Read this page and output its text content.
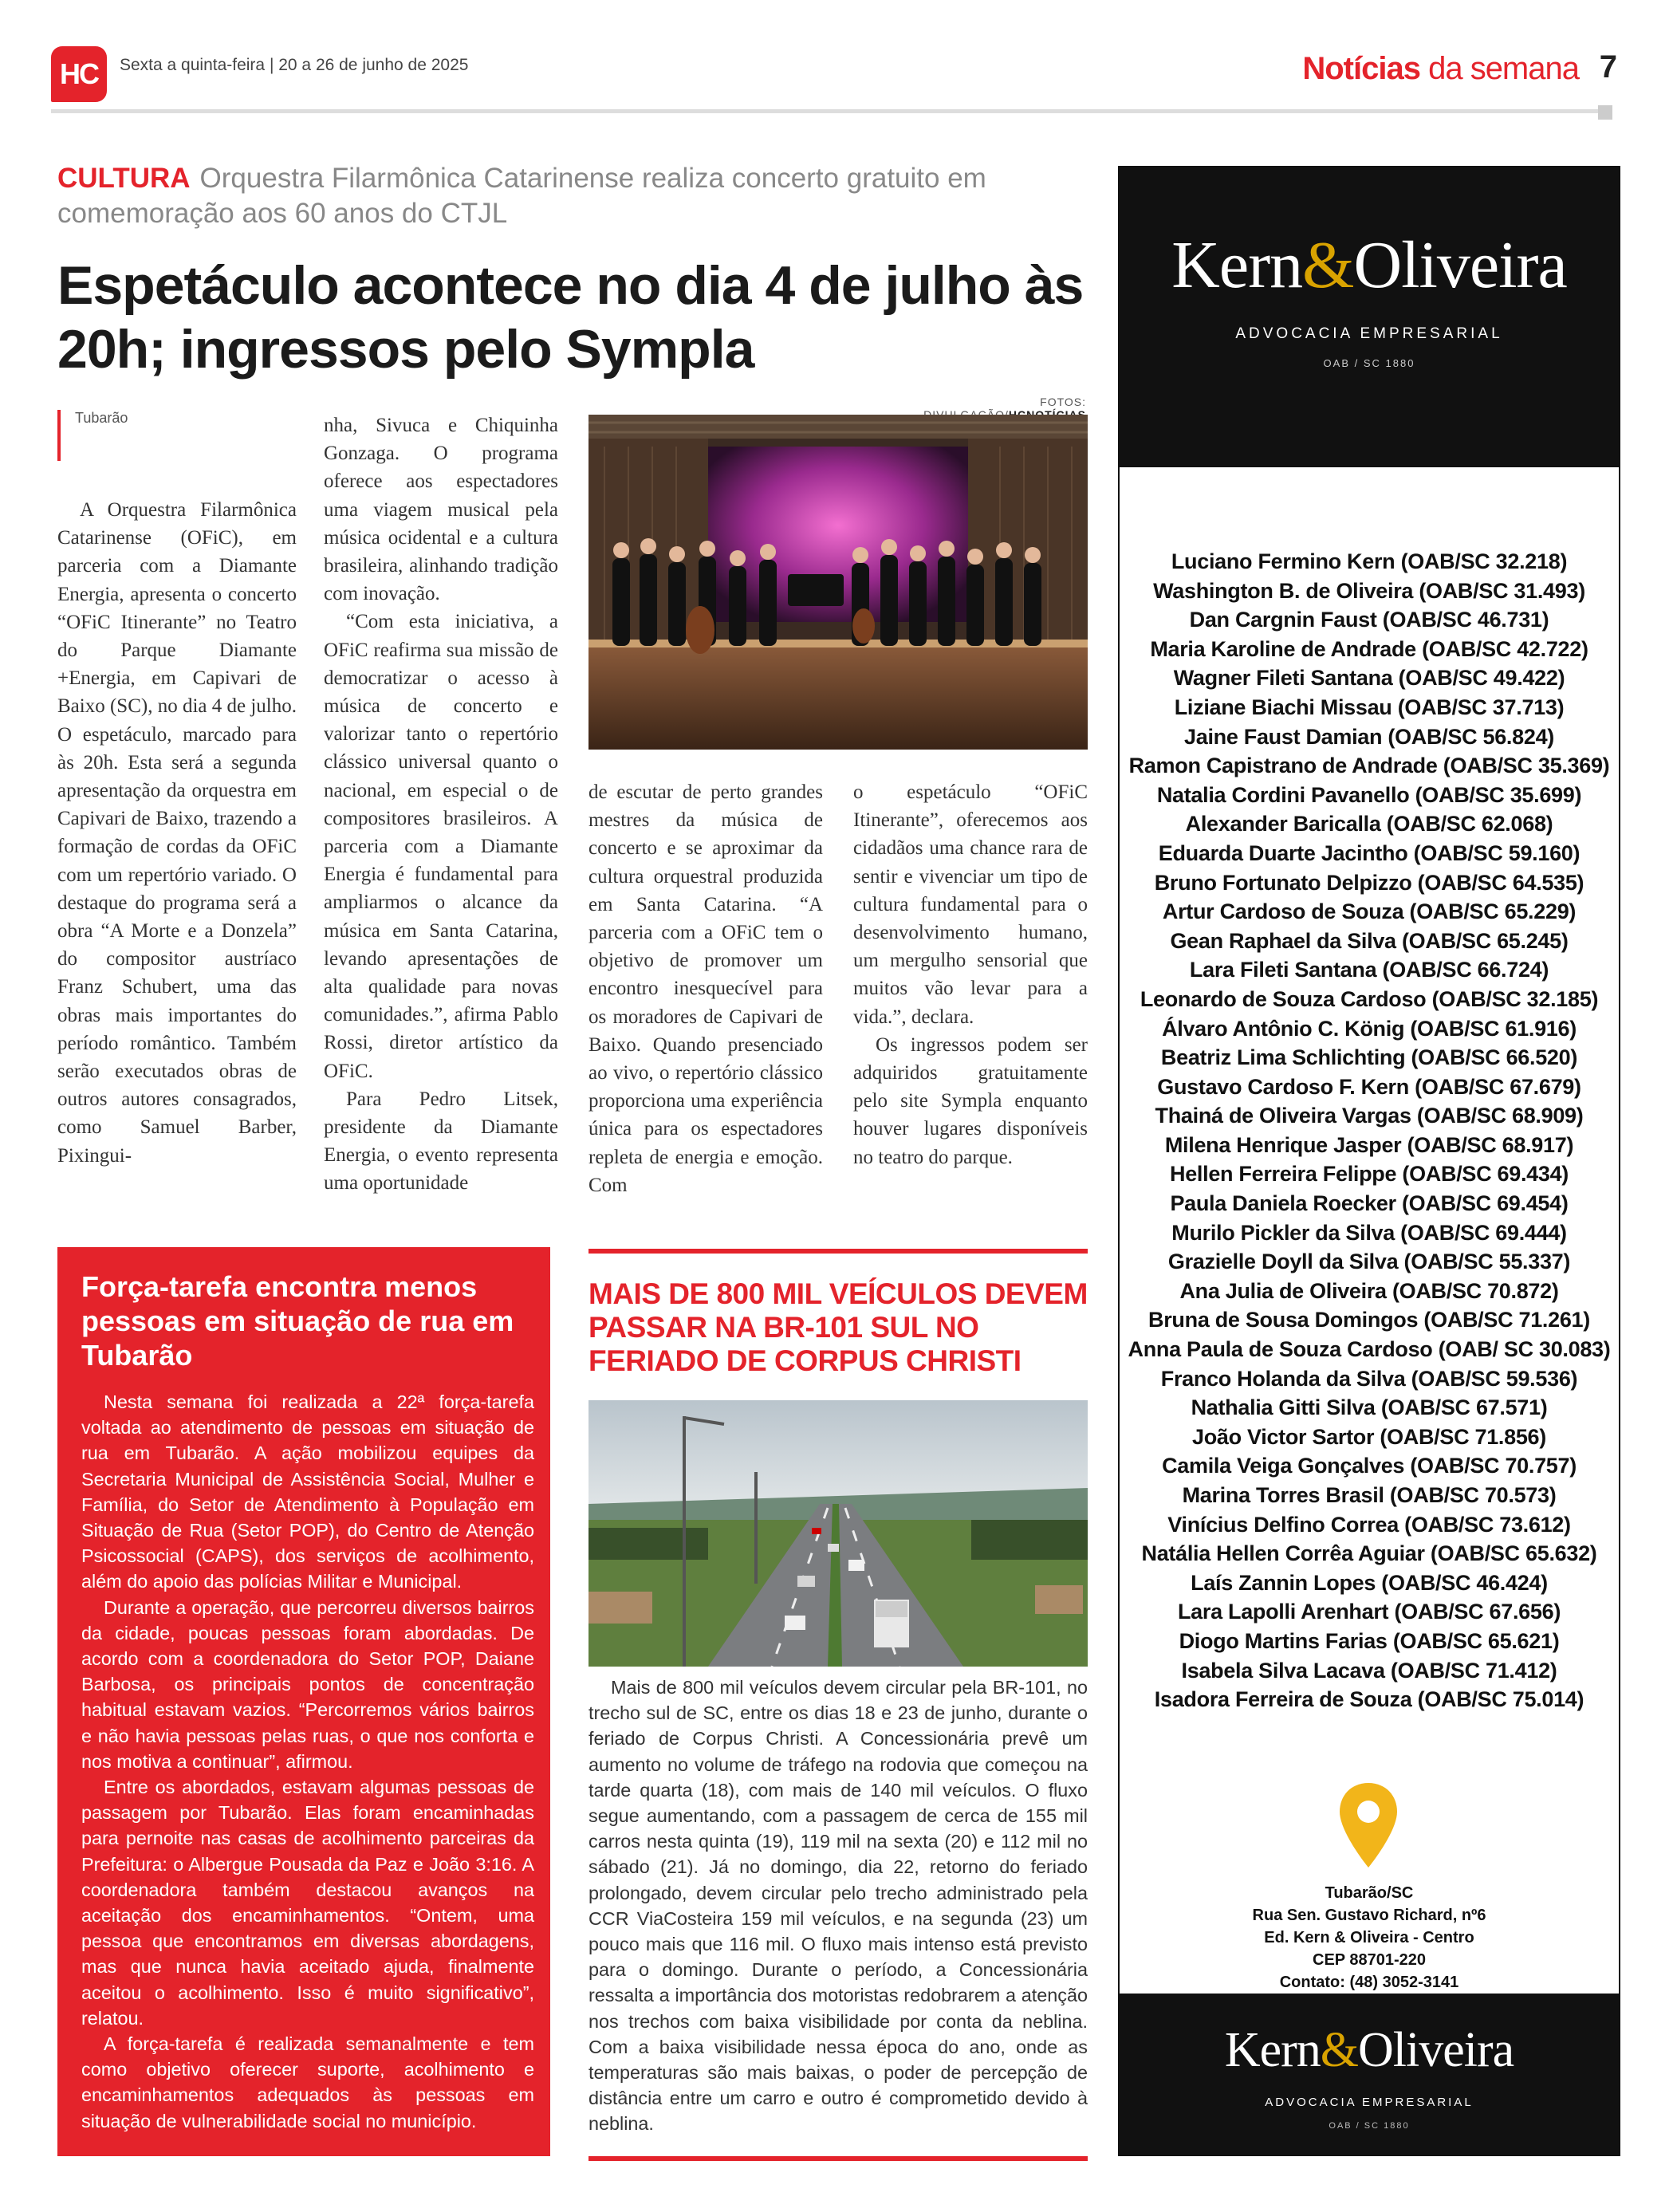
HC	Sexta a quinta-feira | 20 a 26 de junho de 2025	Notícias da semana 7
CULTURA Orquestra Filarmônica Catarinense realiza concerto gratuito em comemoração aos 60 anos do CTJL
Espetáculo acontece no dia 4 de julho às 20h; ingressos pelo Sympla
FOTOS:
Tubarão

A Orquestra Filarmônica Catarinense (OFiC), em parceria com a Diamante Energia, apresenta o concerto “OFiC Itinerante” no Teatro do Parque Diamante +Energia, em Capivari de Baixo (SC), no dia 4 de julho. O espetáculo, marcado para às 20h. Esta será a segunda apresentação da orquestra em Capivari de Baixo, trazendo a formação de cordas da OFiC com um repertório variado. O destaque do programa será a obra “A Morte e a Donzela” do compositor austríaco Franz Schubert, uma das obras mais importantes do período romântico. Também serão executados obras de outros autores consagrados, como Samuel Barber, Pixingui-

nha, Sivuca e Chiquinha Gonzaga. O programa oferece aos espectadores uma viagem musical pela música ocidental e a cultura brasileira, alinhando tradição com inovação.

“Com esta iniciativa, a OFiC reafirma sua missão de democratizar o acesso à música de concerto e valorizar tanto o repertório clássico universal quanto o nacional, em especial o de compositores brasileiros. A parceria com a Diamante Energia é fundamental para ampliarmos o alcance da música em Santa Catarina, levando apresentações de alta qualidade para novas comunidades.”, afirma Pablo Rossi, diretor artístico da OFiC.

Para Pedro Litsek, presidente da Diamante Energia, o evento representa uma oportunidade

de escutar de perto grandes mestres da música de concerto e se aproximar da cultura orquestral produzida em Santa Catarina. “A parceria com a OFiC tem o objetivo de promover um encontro inesquecível para os moradores de Capivari de Baixo. Quando presenciado ao vivo, o repertório clássico proporciona uma experiência única para os espectadores repleta de energia e emoção. Com

o espetáculo “OFiC Itinerante”, oferecemos aos cidadãos uma chance rara de sentir e vivenciar um tipo de cultura fundamental para o desenvolvimento humano, um mergulho sensorial que muitos vão levar para a vida.”, declara.

Os ingressos podem ser adquiridos gratuitamente pelo site Sympla enquanto houver lugares disponíveis no teatro do parque.

Força-tarefa encontra menos pessoas em situação de rua em Tubarão

Nesta semana foi realizada a 22ª força-tarefa voltada ao atendimento de pessoas em situação de rua em Tubarão. A ação mobilizou equipes da Secretaria Municipal de Assistência Social, Mulher e Família, do Setor de Atendimento à População em Situação de Rua (Setor POP), do Centro de Atenção Psicossocial (CAPS), dos serviços de acolhimento, além do apoio das polícias Militar e Municipal.

Durante a operação, que percorreu diversos bairros da cidade, poucas pessoas foram abordadas. De acordo com a coordenadora do Setor POP, Daiane Barbosa, os principais pontos de concentração habitual estavam vazios. “Percorremos vários bairros e não havia pessoas pelas ruas, o que nos conforta e nos motiva a continuar”, afirmou.

Entre os abordados, estavam algumas pessoas de passagem por Tubarão. Elas foram encaminhadas para pernoite nas casas de acolhimento parceiras da Prefeitura: o Albergue Pousada da Paz e João 3:16. A coordenadora também destacou avanços na aceitação dos encaminhamentos. “Ontem, uma pessoa que encontramos em diversas abordagens, mas que nunca havia aceitado ajuda, finalmente aceitou o acolhimento. Isso é muito significativo”, relatou.

A força-tarefa é realizada semanalmente e tem como objetivo oferecer suporte, acolhimento e encaminhamentos adequados às pessoas em situação de vulnerabilidade social no município.

MAIS DE 800 MIL VEÍCULOS DEVEM PASSAR NA BR-101 SUL NO FERIADO DE CORPUS CHRISTI

Mais de 800 mil veículos devem circular pela BR-101, no trecho sul de SC, entre os dias 18 e 23 de junho, durante o feriado de Corpus Christi. A Concessionária prevê um aumento no volume de tráfego na rodovia que começou na tarde quarta (18), com mais de 140 mil veículos. O fluxo segue aumentando, com a passagem de cerca de 155 mil carros nesta quinta (19), 119 mil na sexta (20) e 112 mil no sábado (21). Já no domingo, dia 22, retorno do feriado prolongado, devem circular pelo trecho administrado pela CCR ViaCosteira 159 mil veículos, e na segunda (23) um pouco mais que 116 mil. O fluxo mais intenso está previsto para o domingo. Durante o período, a Concessionária ressalta a importância dos motoristas redobrarem a atenção nos trechos com baixa visibilidade por conta da neblina. Com a baixa visibilidade nessa época do ano, onde as temperaturas são mais baixas, o poder de percepção de distância entre um carro e outro é comprometido devido à neblina.

Kern&Oliveira
ADVOCACIA EMPRESARIAL
OAB / SC 1880
Luciano Fermino Kern (OAB/SC 32.218)
Washington B. de Oliveira (OAB/SC 31.493)
Dan Cargnin Faust (OAB/SC 46.731)
Maria Karoline de Andrade (OAB/SC 42.722)
Wagner Fileti Santana (OAB/SC 49.422)
Liziane Biachi Missau (OAB/SC 37.713)
Jaine Faust Damian (OAB/SC 56.824)
Ramon Capistrano de Andrade (OAB/SC 35.369)
Natalia Cordini Pavanello (OAB/SC 35.699)
Alexander Baricalla (OAB/SC 62.068)
Eduarda Duarte Jacintho (OAB/SC 59.160)
Bruno Fortunato Delpizzo (OAB/SC 64.535)
Artur Cardoso de Souza (OAB/SC 65.229)
Gean Raphael da Silva (OAB/SC 65.245)
Lara Fileti Santana (OAB/SC 66.724)
Leonardo de Souza Cardoso (OAB/SC 32.185)
Álvaro Antônio C. König (OAB/SC 61.916)
Beatriz Lima Schlichting (OAB/SC 66.520)
Gustavo Cardoso F. Kern (OAB/SC 67.679)
Thainá de Oliveira Vargas (OAB/SC 68.909)
Milena Henrique Jasper (OAB/SC 68.917)
Hellen Ferreira Felippe (OAB/SC 69.434)
Paula Daniela Roecker (OAB/SC 69.454)
Murilo Pickler da Silva (OAB/SC 69.444)
Grazielle Doyll da Silva (OAB/SC 55.337)
Ana Julia de Oliveira (OAB/SC 70.872)
Bruna de Sousa Domingos (OAB/SC 71.261)
Anna Paula de Souza Cardoso (OAB/ SC 30.083)
Franco Holanda da Silva (OAB/SC 59.536)
Nathalia Gitti Silva (OAB/SC 67.571)
João Victor Sartor (OAB/SC 71.856)
Camila Veiga Gonçalves (OAB/SC 70.757)
Marina Torres Brasil (OAB/SC 70.573)
Vinícius Delfino Correa (OAB/SC 73.612)
Natália Hellen Corrêa Aguiar (OAB/SC 65.632)
Laís Zannin Lopes (OAB/SC 46.424)
Lara Lapolli Arenhart (OAB/SC 67.656)
Diogo Martins Farias (OAB/SC 65.621)
Isabela Silva Lacava (OAB/SC 71.412)
Isadora Ferreira de Souza (OAB/SC 75.014)
Tubarão/SC
Rua Sen. Gustavo Richard, nº6
Ed. Kern & Oliveira - Centro
CEP 88701-220
Contato: (48) 3052-3141
Kern&Oliveira
ADVOCACIA EMPRESARIAL
OAB / SC 1880
